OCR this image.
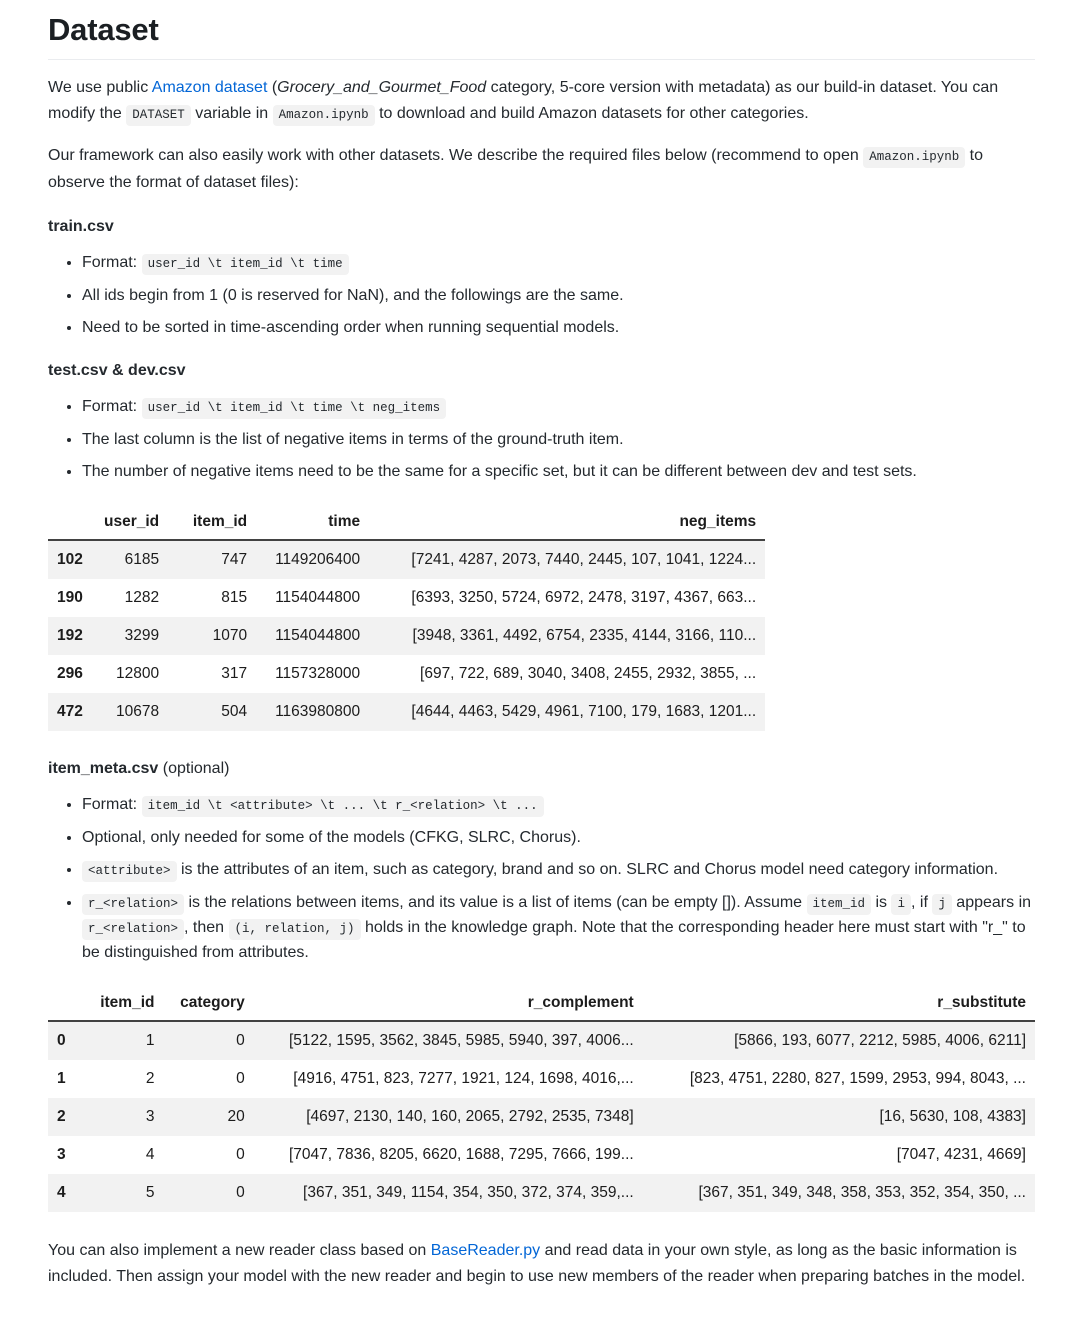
Dataset

We use public Amazon dataset (Grocery_and_Gourmet_Food category, 5-core version with metadata) as our build-in dataset. You can modify the DATASET variable in Amazon.ipynb to download and build Amazon datasets for other categories.

Our framework can also easily work with other datasets. We describe the required files below (recommend to open Amazon.ipynb to observe the format of dataset files):

train.csv

• Format: user_id \t item_id \t time
• All ids begin from 1 (0 is reserved for NaN), and the followings are the same.
• Need to be sorted in time-ascending order when running sequential models.

test.csv & dev.csv

• Format: user_id \t item_id \t time \t neg_items
• The last column is the list of negative items in terms of the ground-truth item.
• The number of negative items need to be the same for a specific set, but it can be different between dev and test sets.
	user_id	item_id	time	neg_items
102	6185	747	1149206400	[7241, 4287, 2073, 7440, 2445, 107, 1041, 1224...
190	1282	815	1154044800	[6393, 3250, 5724, 6972, 2478, 3197, 4367, 663...
192	3299	1070	1154044800	[3948, 3361, 4492, 6754, 2335, 4144, 3166, 110...
296	12800	317	1157328000	[697, 722, 689, 3040, 3408, 2455, 2932, 3855, ...
472	10678	504	1163980800	[4644, 4463, 5429, 4961, 7100, 179, 1683, 1201...

item_meta.csv (optional)

• Format: item_id \t <attribute> \t ... \t r_<relation> \t ...
• Optional, only needed for some of the models (CFKG, SLRC, Chorus).
• <attribute> is the attributes of an item, such as category, brand and so on. SLRC and Chorus model need category information.
• r_<relation> is the relations between items, and its value is a list of items (can be empty []). Assume item_id is i , if j appears in r_<relation> , then (i, relation, j) holds in the knowledge graph. Note that the corresponding header here must start with "r_" to be distinguished from attributes.
	item_id	category	r_complement	r_substitute
0	1	0	[5122, 1595, 3562, 3845, 5985, 5940, 397, 4006...	[5866, 193, 6077, 2212, 5985, 4006, 6211]
1	2	0	[4916, 4751, 823, 7277, 1921, 124, 1698, 4016,...	[823, 4751, 2280, 827, 1599, 2953, 994, 8043, ...
2	3	20	[4697, 2130, 140, 160, 2065, 2792, 2535, 7348]	[16, 5630, 108, 4383]
3	4	0	[7047, 7836, 8205, 6620, 1688, 7295, 7666, 199...	[7047, 4231, 4669]
4	5	0	[367, 351, 349, 1154, 354, 350, 372, 374, 359,...	[367, 351, 349, 348, 358, 353, 352, 354, 350, ...

You can also implement a new reader class based on BaseReader.py and read data in your own style, as long as the basic information is included. Then assign your model with the new reader and begin to use new members of the reader when preparing batches in the model.
